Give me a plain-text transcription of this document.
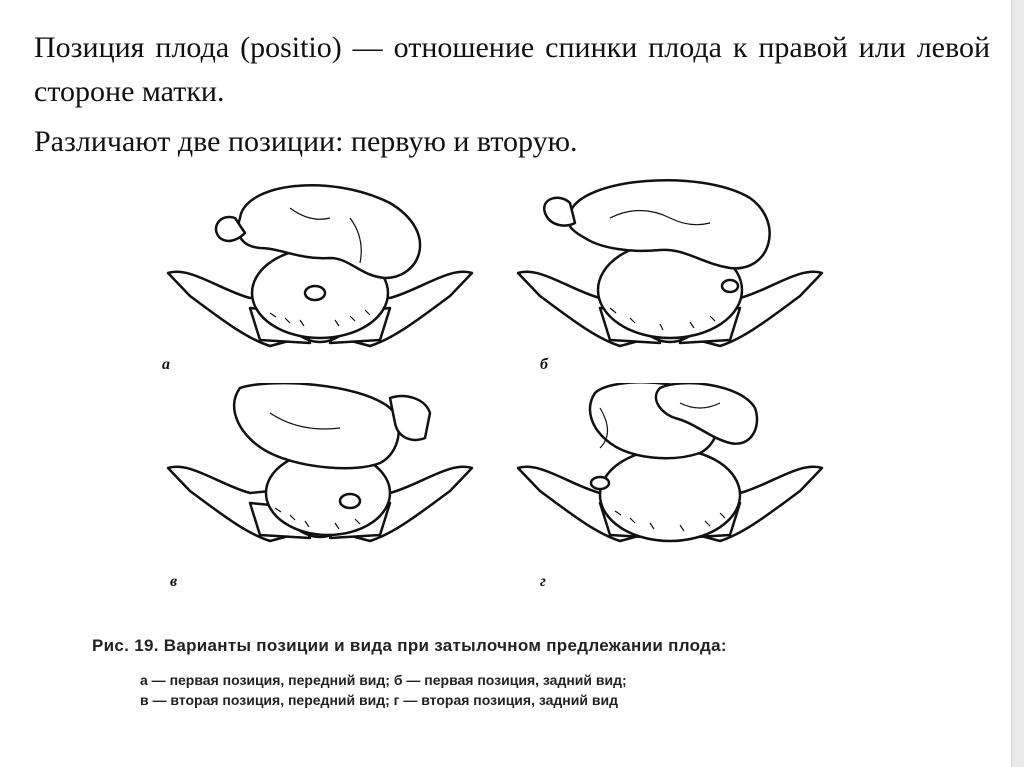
Позиция плода (positio) — отношение спинки плода к правой или левой стороне матки.

Различают две позиции: первую и вторую.

а	б
в	г
Рис. 19. Варианты позиции и вида при затылочном предлежании плода:
а — первая позиция, передний вид; б — первая позиция, задний вид;
в — вторая позиция, передний вид; г — вторая позиция, задний вид
